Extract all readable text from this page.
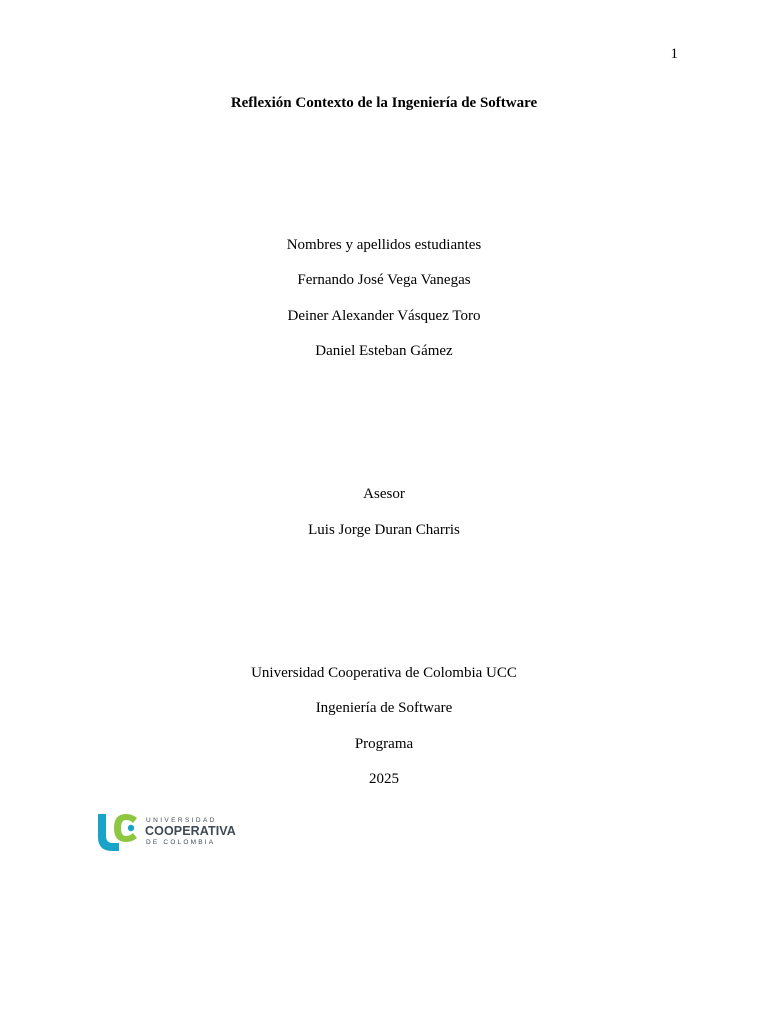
1
Reflexión Contexto de la Ingeniería de Software
Nombres y apellidos estudiantes
Fernando José Vega Vanegas
Deiner Alexander Vásquez Toro
Daniel Esteban Gámez
Asesor
Luis Jorge Duran Charris
Universidad Cooperativa de Colombia UCC
Ingeniería de Software
Programa
2025
UNIVERSIDAD
COOPERATIVA
DE COLOMBIA
